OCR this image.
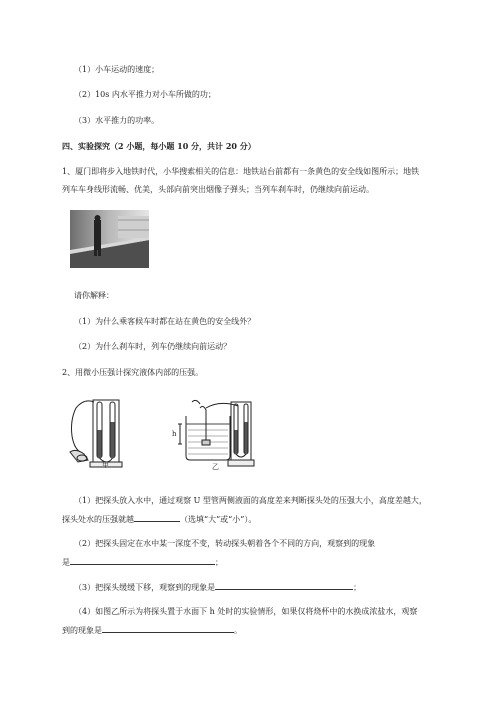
（1）小车运动的速度；
（2）10s 内水平推力对小车所做的功；
（3）水平推力的功率。
四、实验探究（2 小题，每小题 10 分，共计 20 分）
1、厦门即将步入地铁时代，小华搜索相关的信息：地铁站台前都有一条黄色的安全线如图所示；地铁
列车车身线形流畅、优美，头部向前突出烟像子弹头；当列车刹车时，仍继续向前运动。
请你解释：
（1）为什么乘客候车时都在站在黄色的安全线外？
（2）为什么刹车时，列车仍继续向前运动？
2、用微小压强计探究液体内部的压强。
甲
h
乙
（1）把探头放入水中，通过观察 U 型管两侧液面的高度差来判断探头处的压强大小，高度差越大，
探头处水的压强就越	（选填“大”或“小”）。
（2）把探头固定在水中某一深度不变，转动探头朝着各个不同的方向，观察到的现象
是	；
（3）把探头缓缓下移，观察到的现象是	；
（4）如图乙所示为将探头置于水面下 h 处时的实验情形，如果仅将烧杯中的水换成浓盐水，观察
到的现象是	。
